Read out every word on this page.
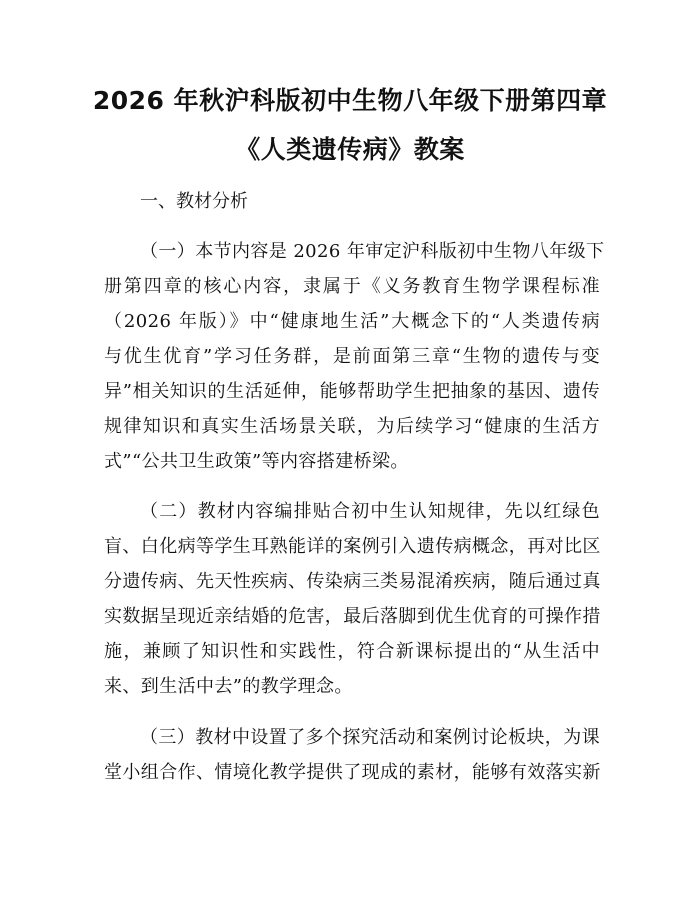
2026 年秋沪科版初中生物八年级下册第四章
《人类遗传病》教案
一、教材分析
（一）本节内容是 2026 年审定沪科版初中生物八年级下
册第四章的核心内容，隶属于《义务教育生物学课程标准
（2026 年版）》中“健康地生活”大概念下的“人类遗传病
与优生优育”学习任务群，是前面第三章“生物的遗传与变
异”相关知识的生活延伸，能够帮助学生把抽象的基因、遗传
规律知识和真实生活场景关联，为后续学习“健康的生活方
式”“公共卫生政策”等内容搭建桥梁。
（二）教材内容编排贴合初中生认知规律，先以红绿色
盲、白化病等学生耳熟能详的案例引入遗传病概念，再对比区
分遗传病、先天性疾病、传染病三类易混淆疾病，随后通过真
实数据呈现近亲结婚的危害，最后落脚到优生优育的可操作措
施，兼顾了知识性和实践性，符合新课标提出的“从生活中
来、到生活中去”的教学理念。
（三）教材中设置了多个探究活动和案例讨论板块，为课
堂小组合作、情境化教学提供了现成的素材，能够有效落实新
